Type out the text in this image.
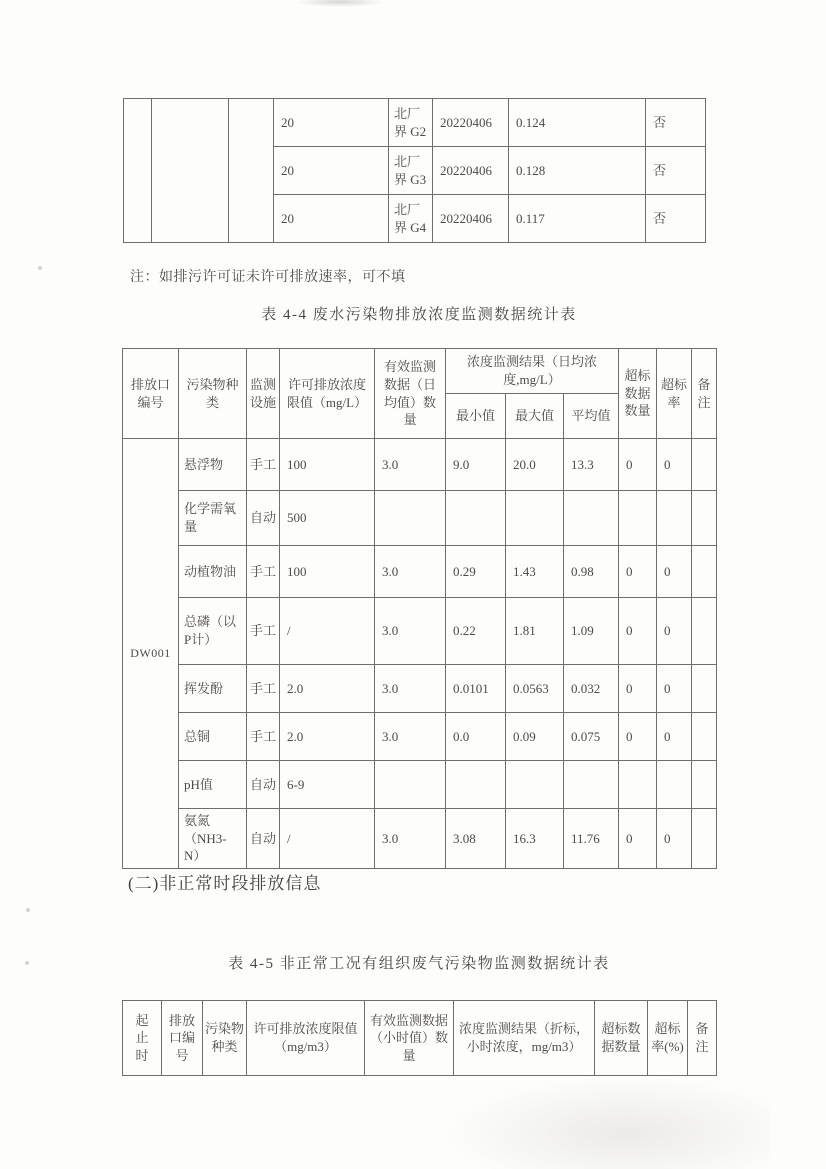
			20	北厂界 G2	20220406	0.124	否
			20	北厂界 G3	20220406	0.128	否
			20	北厂界 G4	20220406	0.117	否
注：如排污许可证未许可排放速率，可不填
表 4-4 废水污染物排放浓度监测数据统计表
排放口编号	污染物种类	监测设施	许可排放浓度限值（mg/L）	有效监测数据（日均值）数量	浓度监测结果（日均浓度,mg/L）			超标数据数量	超标率	备注
					最小值	最大值	平均值			
DW001	悬浮物	手工	100	3.0	9.0	20.0	13.3	0	0	
	化学需氧量	自动	500							
	动植物油	手工	100	3.0	0.29	1.43	0.98	0	0	
	总磷（以P计）	手工	/	3.0	0.22	1.81	1.09	0	0	
	挥发酚	手工	2.0	3.0	0.0101	0.0563	0.032	0	0	
	总铜	手工	2.0	3.0	0.0	0.09	0.075	0	0	
	pH值	自动	6-9							
	氨氮（NH3-N）	自动	/	3.0	3.08	16.3	11.76	0	0	
(二)非正常时段排放信息
表 4-5 非正常工况有组织废气污染物监测数据统计表
起止时	排放口编号	污染物种类	许可排放浓度限值（mg/m3）	有效监测数据（小时值）数量	浓度监测结果（折标，小时浓度，mg/m3）	超标数据数量	超标率(%)	备注
